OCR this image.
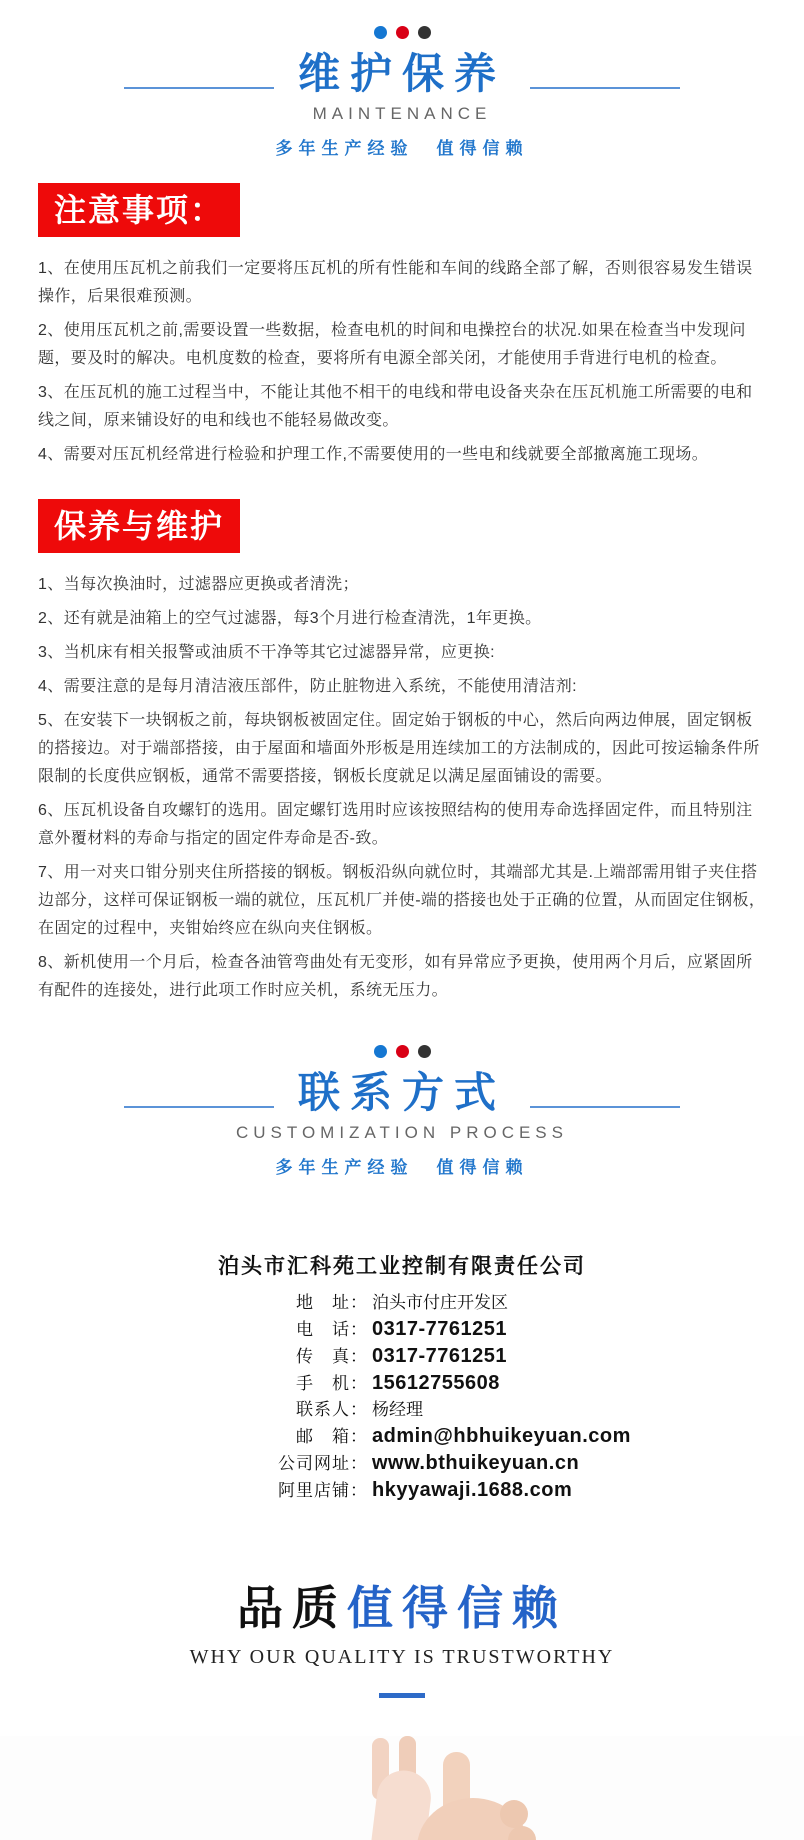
维护保养
MAINTENANCE
多年生产经验　值得信赖
注意事项：

1、在使用压瓦机之前我们一定要将压瓦机的所有性能和车间的线路全部了解，否则很容易发生错误操作，后果很难预测。

2、使用压瓦机之前,需要设置一些数据，检查电机的时间和电操控台的状况.如果在检查当中发现问题，要及时的解决。电机度数的检查，要将所有电源全部关闭，才能使用手背进行电机的检查。

3、在压瓦机的施工过程当中，不能让其他不相干的电线和带电设备夹杂在压瓦机施工所需要的电和线之间，原来铺设好的电和线也不能轻易做改变。

4、需要对压瓦机经常进行检验和护理工作,不需要使用的一些电和线就要全部撤离施工现场。

保养与维护

1、当每次换油时，过滤器应更换或者清洗；

2、还有就是油箱上的空气过滤器，每3个月进行检查清洗，1年更换。

3、当机床有相关报警或油质不干净等其它过滤器异常，应更换:

4、需要注意的是每月清洁液压部件，防止脏物进入系统，不能使用清洁剂:

5、在安装下一块钢板之前，每块钢板被固定住。固定始于钢板的中心，然后向两边伸展，固定钢板的搭接边。对于端部搭接，由于屋面和墙面外形板是用连续加工的方法制成的，因此可按运输条件所限制的长度供应钢板，通常不需要搭接，钢板长度就足以满足屋面铺设的需要。

6、压瓦机设备自攻螺钉的选用。固定螺钉选用时应该按照结构的使用寿命选择固定件，而且特别注意外覆材料的寿命与指定的固定件寿命是否-致。

7、用一对夹口钳分别夹住所搭接的钢板。钢板沿纵向就位时，其端部尤其是.上端部需用钳子夹住搭边部分，这样可保证钢板一端的就位，压瓦机厂并使-端的搭接也处于正确的位置，从而固定住钢板，在固定的过程中，夹钳始终应在纵向夹住钢板。

8、新机使用一个月后，检查各油管弯曲处有无变形，如有异常应予更换，使用两个月后，应紧固所有配件的连接处，进行此项工作时应关机，系统无压力。

联系方式
CUSTOMIZATION PROCESS
多年生产经验　值得信赖
泊头市汇科苑工业控制有限责任公司
地　址： 泊头市付庄开发区
电　话： 0317-7761251
传　真： 0317-7761251
手　机： 15612755608
联系人： 杨经理
邮　箱： admin@hbhuikeyuan.com
公司网址： www.bthuikeyuan.cn
阿里店铺： hkyyawaji.1688.com
品质值得信赖
WHY OUR QUALITY IS TRUSTWORTHY
